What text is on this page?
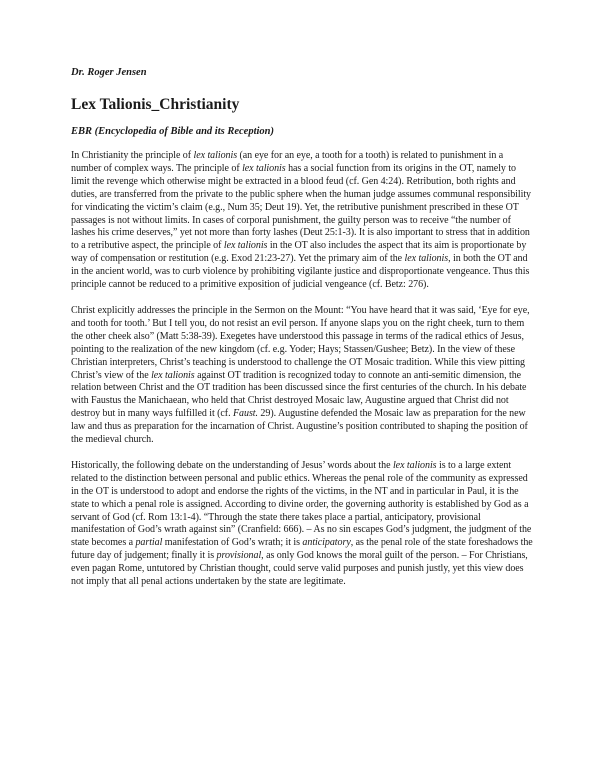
Dr. Roger Jensen
Lex Talionis_Christianity
EBR (Encyclopedia of Bible and its Reception)

In Christianity the principle of lex talionis (an eye for an eye, a tooth for a tooth) is related to punishment in a number of complex ways. The principle of lex talionis has a social function from its origins in the OT, namely to limit the revenge which otherwise might be extracted in a blood feud (cf. Gen 4:24). Retribution, both rights and duties, are transferred from the private to the public sphere when the human judge assumes communal responsibility for vindicating the victim’s claim (e.g., Num 35; Deut 19). Yet, the retributive punishment prescribed in these OT passages is not without limits. In cases of corporal punishment, the guilty person was to receive “the number of lashes his crime deserves,” yet not more than forty lashes (Deut 25:1-3). It is also important to stress that in addition to a retributive aspect, the principle of lex talionis in the OT also includes the aspect that its aim is proportionate by way of compensation or restitution (e.g. Exod 21:23-27). Yet the primary aim of the lex talionis, in both the OT and in the ancient world, was to curb violence by prohibiting vigilante justice and disproportionate vengeance. Thus this principle cannot be reduced to a primitive exposition of judicial vengeance (cf. Betz: 276).

Christ explicitly addresses the principle in the Sermon on the Mount: “You have heard that it was said, ‘Eye for eye, and tooth for tooth.’ But I tell you, do not resist an evil person. If anyone slaps you on the right cheek, turn to them the other cheek also” (Matt 5:38-39). Exegetes have understood this passage in terms of the radical ethics of Jesus, pointing to the realization of the new kingdom (cf. e.g. Yoder; Hays; Stassen/Gushee; Betz). In the view of these Christian interpreters, Christ’s teaching is understood to challenge the OT Mosaic tradition. While this view pitting Christ’s view of the lex talionis against OT tradition is recognized today to connote an anti-semitic dimension, the relation between Christ and the OT tradition has been discussed since the first centuries of the church. In his debate with Faustus the Manichaean, who held that Christ destroyed Mosaic law, Augustine argued that Christ did not destroy but in many ways fulfilled it (cf. Faust. 29). Augustine defended the Mosaic law as preparation for the new law and thus as preparation for the incarnation of Christ. Augustine’s position contributed to shaping the position of the medieval church.

Historically, the following debate on the understanding of Jesus’ words about the lex talionis is to a large extent related to the distinction between personal and public ethics. Whereas the penal role of the community as expressed in the OT is understood to adopt and endorse the rights of the victims, in the NT and in particular in Paul, it is the state to which a penal role is assigned. According to divine order, the governing authority is established by God as a servant of God (cf. Rom 13:1-4). “Through the state there takes place a partial, anticipatory, provisional manifestation of God’s wrath against sin” (Cranfield: 666). – As no sin escapes God’s judgment, the judgment of the state becomes a partial manifestation of God’s wrath; it is anticipatory, as the penal role of the state foreshadows the future day of judgement; finally it is provisional, as only God knows the moral guilt of the person. – For Christians, even pagan Rome, untutored by Christian thought, could serve valid purposes and punish justly, yet this view does not imply that all penal actions undertaken by the state are legitimate.
